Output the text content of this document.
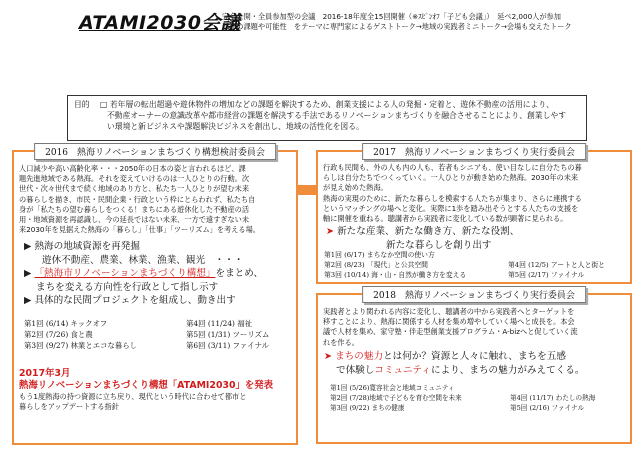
ATAMI2030会議
完全公開・全員参加型の会議　2016-18年度全15回開催（※ｽﾋﾟﾝｵﾌ「子ども会議」）　延べ2,000人が参加
熱海の課題や可能性　をテーマに専門家によるゲストトーク→地域の実践者ミニトーク→会場も交えたトーク
目的 □ 若年層の転出超過や遊休物件の増加などの課題を解決するため、創業支援による人の発掘・定着と、遊休不動産の活用により、
不動産オーナーの意識改革や都市経営の課題を解決する手法であるリノベーションまちづくりを融合させることにより、創業しやす
い環境と新ビジネスや課題解決ビジネスを創出し、地域の活性化を図る。
2016　熱海リノベーションまちづくり構想検討委員会
人口減少や高い高齢化率・・・2050年の日本の姿と言われるほど、課
題先進地域である熱海。それを変えていけるのは一人ひとりの行動。次
世代・次々世代まで続く地域のあり方と、私たち一人ひとりが望む未来
の暮らしを描き、市民・民間企業・行政という枠にとらわれず、私たち自
身が「私たちの望む暮らしをつくる！まちにある遊休化した不動産の活
用・地域資源を再認識し、今の延長ではない未来、一方で遠すぎない未
来2030年を見据えた熱海の「暮らし」「仕事」「ツーリズム」を考える場。
▶ 熱海の地域資源を再発掘
遊休不動産、農業、林業、漁業、観光　・・・
▶ 「熱海市リノベーションまちづくり構想」をまとめ、
まちを変える方向性を行政として指し示す
▶ 具体的な民間プロジェクトを組成し、動き出す
第1回 (6/14) キックオフ
第2回 (7/26) 食と農
第3回 (9/27) 林業とエコな暮らし
第4回 (11/24) 福祉
第5回 (1/31) ツーリズム
第6回 (3/11) ファイナル
2017年3月
熱海リノベーションまちづくり構想「ATAMI2030」を発表
もう1度熱海の持つ資源に立ち戻り、現代という時代に合わせて都市と
暮らしをアップデートする指針
2017　熱海リノベーションまちづくり実行委員会
行政も民間も、外の人も内の人も、若者もシニアも、使い目なしに自分たちの暮
らしは自分たちでつくっていく。一人ひとりが動き始めた熱海。2030年の未来
が見え始めた熱海。
熱海の実現のために、新たな暮らしを模索する人たちが集まり、さらに連携する
というマッチングの場へと変化。実際に1歩を踏み出そうとする人たちの支援を
軸に開催を重ねる。聴講者から実践者に変化している数が顕著に見られる。
➤ 新たな産業、新たな働き方、新たな役割、
新たな暮らしを創り出す
第1回 (6/17) まちなか空間の使い方
第2回 (8/23) 「現代」と公共空間
第3回 (10/14) 海・山・自然が働き方を変える
第4回 (12/5) アートと人と街と
第5回 (2/17) ファイナル
2018　熱海リノベーションまちづくり実行委員会
実践者とより関われる内容に変化し、聴講者の中から実践者へとターゲットを
移すことにより、熱海に関係する人材を集め増やしていく場へと成長を。本会
議で人材を集め、家守塾・伴走型創業支援プログラム・A-bizへと促していく流
れを作る。
➤ まちの魅力とは何か？資源と人々に触れ、まちを五感
で体験しコミュニティにより、まちの魅力がみえてくる。
第1回 (5/26)寛容社会と地域コミュニティ
第2回 (7/28)地域で子どもを育む空間を未来
第3回 (9/22) まちの健康
第4回 (11/17) わたしの熱海
第5回 (2/16) ファイナル
